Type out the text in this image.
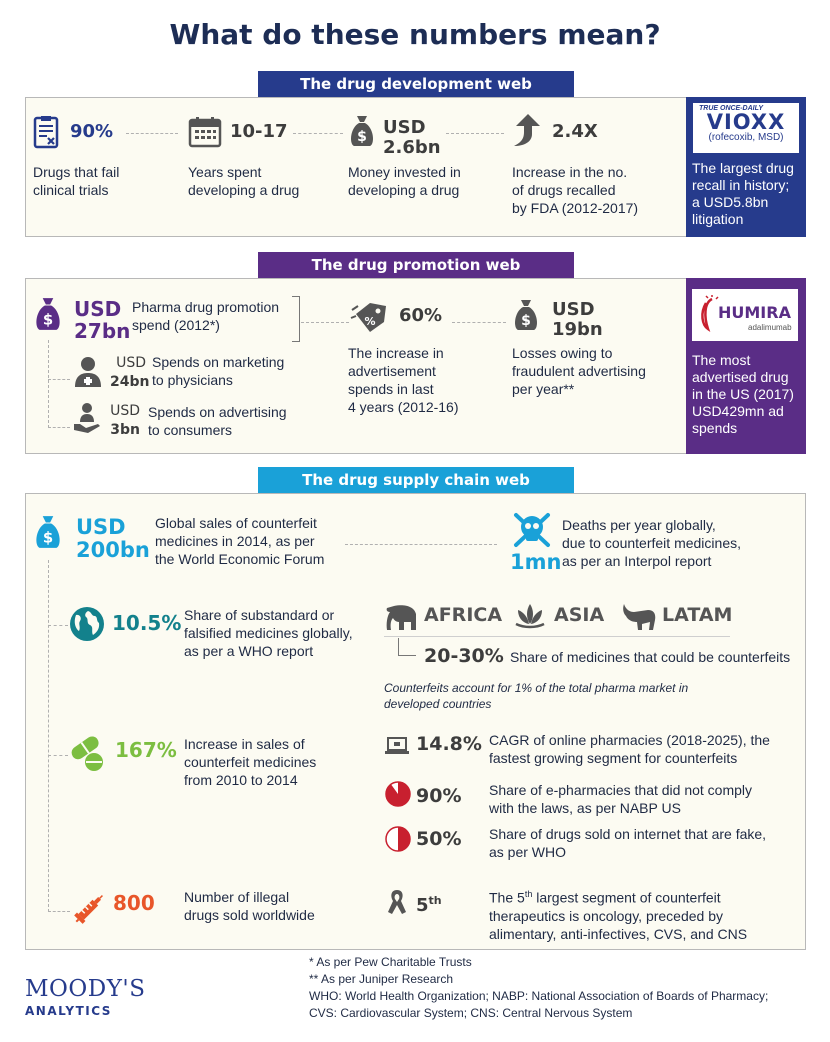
What do these numbers mean?
The drug development web
90%
Drugs that fail
clinical trials
10-17
Years spent
developing a drug
$ USD
2.6bn
Money invested in
developing a drug
2.4X
Increase in the no.
of drugs recalled
by FDA (2012-2017)
TRUE ONCE-DAILY
VIOXX
(rofecoxib, MSD)
The largest drug
recall in history;
a USD5.8bn
litigation
The drug promotion web
$ USD
27bn
Pharma drug promotion
spend (2012*)
USD
24bn
Spends on marketing
to physicians
USD
3bn
Spends on advertising
to consumers
% 60%
The increase in
advertisement
spends in last
4 years (2012-16)
$
USD
19bn
Losses owing to
fraudulent advertising
per year**
HUMIRA
adalimumab
The most
advertised drug
in the US (2017)
USD429mn ad
spends
The drug supply chain web
$ USD
200bn
Global sales of counterfeit
medicines in 2014, as per
the World Economic Forum	1mn
Deaths per year globally,
due to counterfeit medicines,
as per an Interpol report
10.5% Share of substandard or
falsified medicines globally,
as per a WHO report
AFRICA	ASIA	LATAM
20-30% Share of medicines that could be counterfeits
Counterfeits account for 1% of the total pharma market in
developed countries
167% Increase in sales of
counterfeit medicines
from 2010 to 2014
14.8% CAGR of online pharmacies (2018-2025), the
fastest growing segment for counterfeits
90% Share of e-pharmacies that did not comply
with the laws, as per NABP US
50% Share of drugs sold on internet that are fake,
as per WHO
800 Number of illegal
drugs sold worldwide	5th	The 5th largest segment of counterfeit
therapeutics is oncology, preceded by
alimentary, anti-infectives, CVS, and CNS
MOODY'S
ANALYTICS
* As per Pew Charitable Trusts
** As per Juniper Research
WHO: World Health Organization; NABP: National Association of Boards of Pharmacy;
CVS: Cardiovascular System; CNS: Central Nervous System
